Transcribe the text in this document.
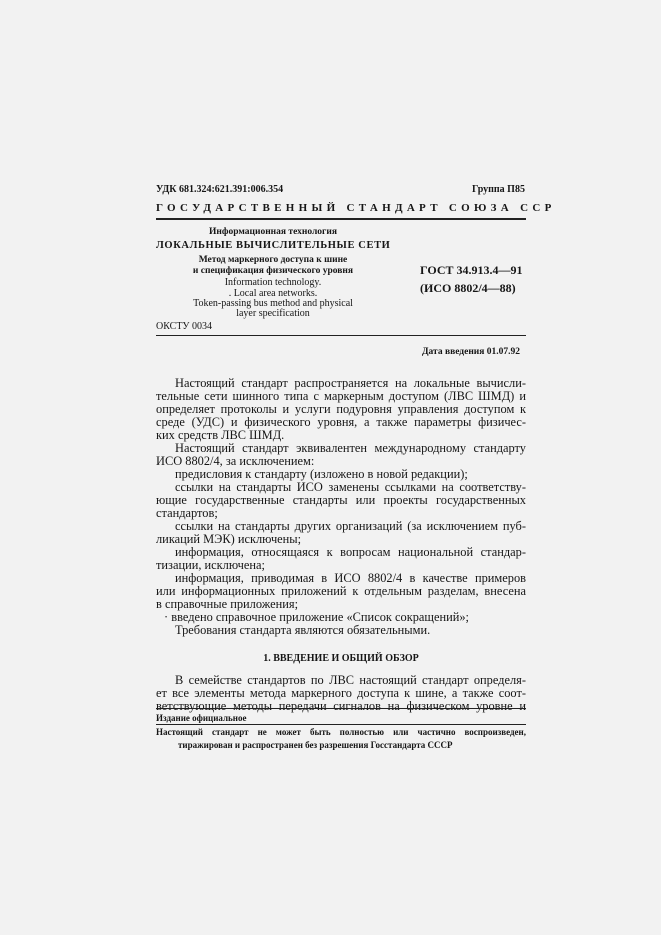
УДК 681.324:621.391:006.354	Группа П85
ГОСУДАРСТВЕННЫЙ СТАНДАРТ СОЮЗА ССР
Информационная технология
ЛОКАЛЬНЫЕ ВЫЧИСЛИТЕЛЬНЫЕ СЕТИ
Метод маркерного доступа к шине
и спецификация физического уровня
Information technology.
. Local area networks.
Token-passing bus method and physical
layer specification
ГОСТ 34.913.4—91
(ИСО 8802/4—88)
ОКСТУ 0034
Дата введения 01.07.92
Настоящий стандарт распространяется на локальные вычисли-
тельные сети шинного типа с маркерным доступом (ЛВС ШМД) и
определяет протоколы и услуги подуровня управления доступом к
среде (УДС) и физического уровня, а также параметры физичес-
ких средств ЛВС ШМД.
Настоящий стандарт эквивалентен международному стандарту
ИСО 8802/4, за исключением:
предисловия к стандарту (изложено в новой редакции);
ссылки на стандарты ИСО заменены ссылками на соответству-
ющие государственные стандарты или проекты государственных
стандартов;
ссылки на стандарты других организаций (за исключением пуб-
ликаций МЭК) исключены;
информация, относящаяся к вопросам национальной стандар-
тизации, исключена;
информация, приводимая в ИСО 8802/4 в качестве примеров
или информационных приложений к отдельным разделам, внесена
в справочные приложения;
· введено справочное приложение «Список сокращений»;
Требования стандарта являются обязательными.
1. ВВЕДЕНИЕ И ОБЩИЙ ОБЗОР
В семействе стандартов по ЛВС настоящий стандарт определя-
ет все элементы метода маркерного доступа к шине, а также соот-
ветствующие методы передачи сигналов на физическом уровне и
Издание официальное
Настоящий стандарт не может быть полностью или частично воспроизведен,
тиражирован и распространен без разрешения Госстандарта СССР
